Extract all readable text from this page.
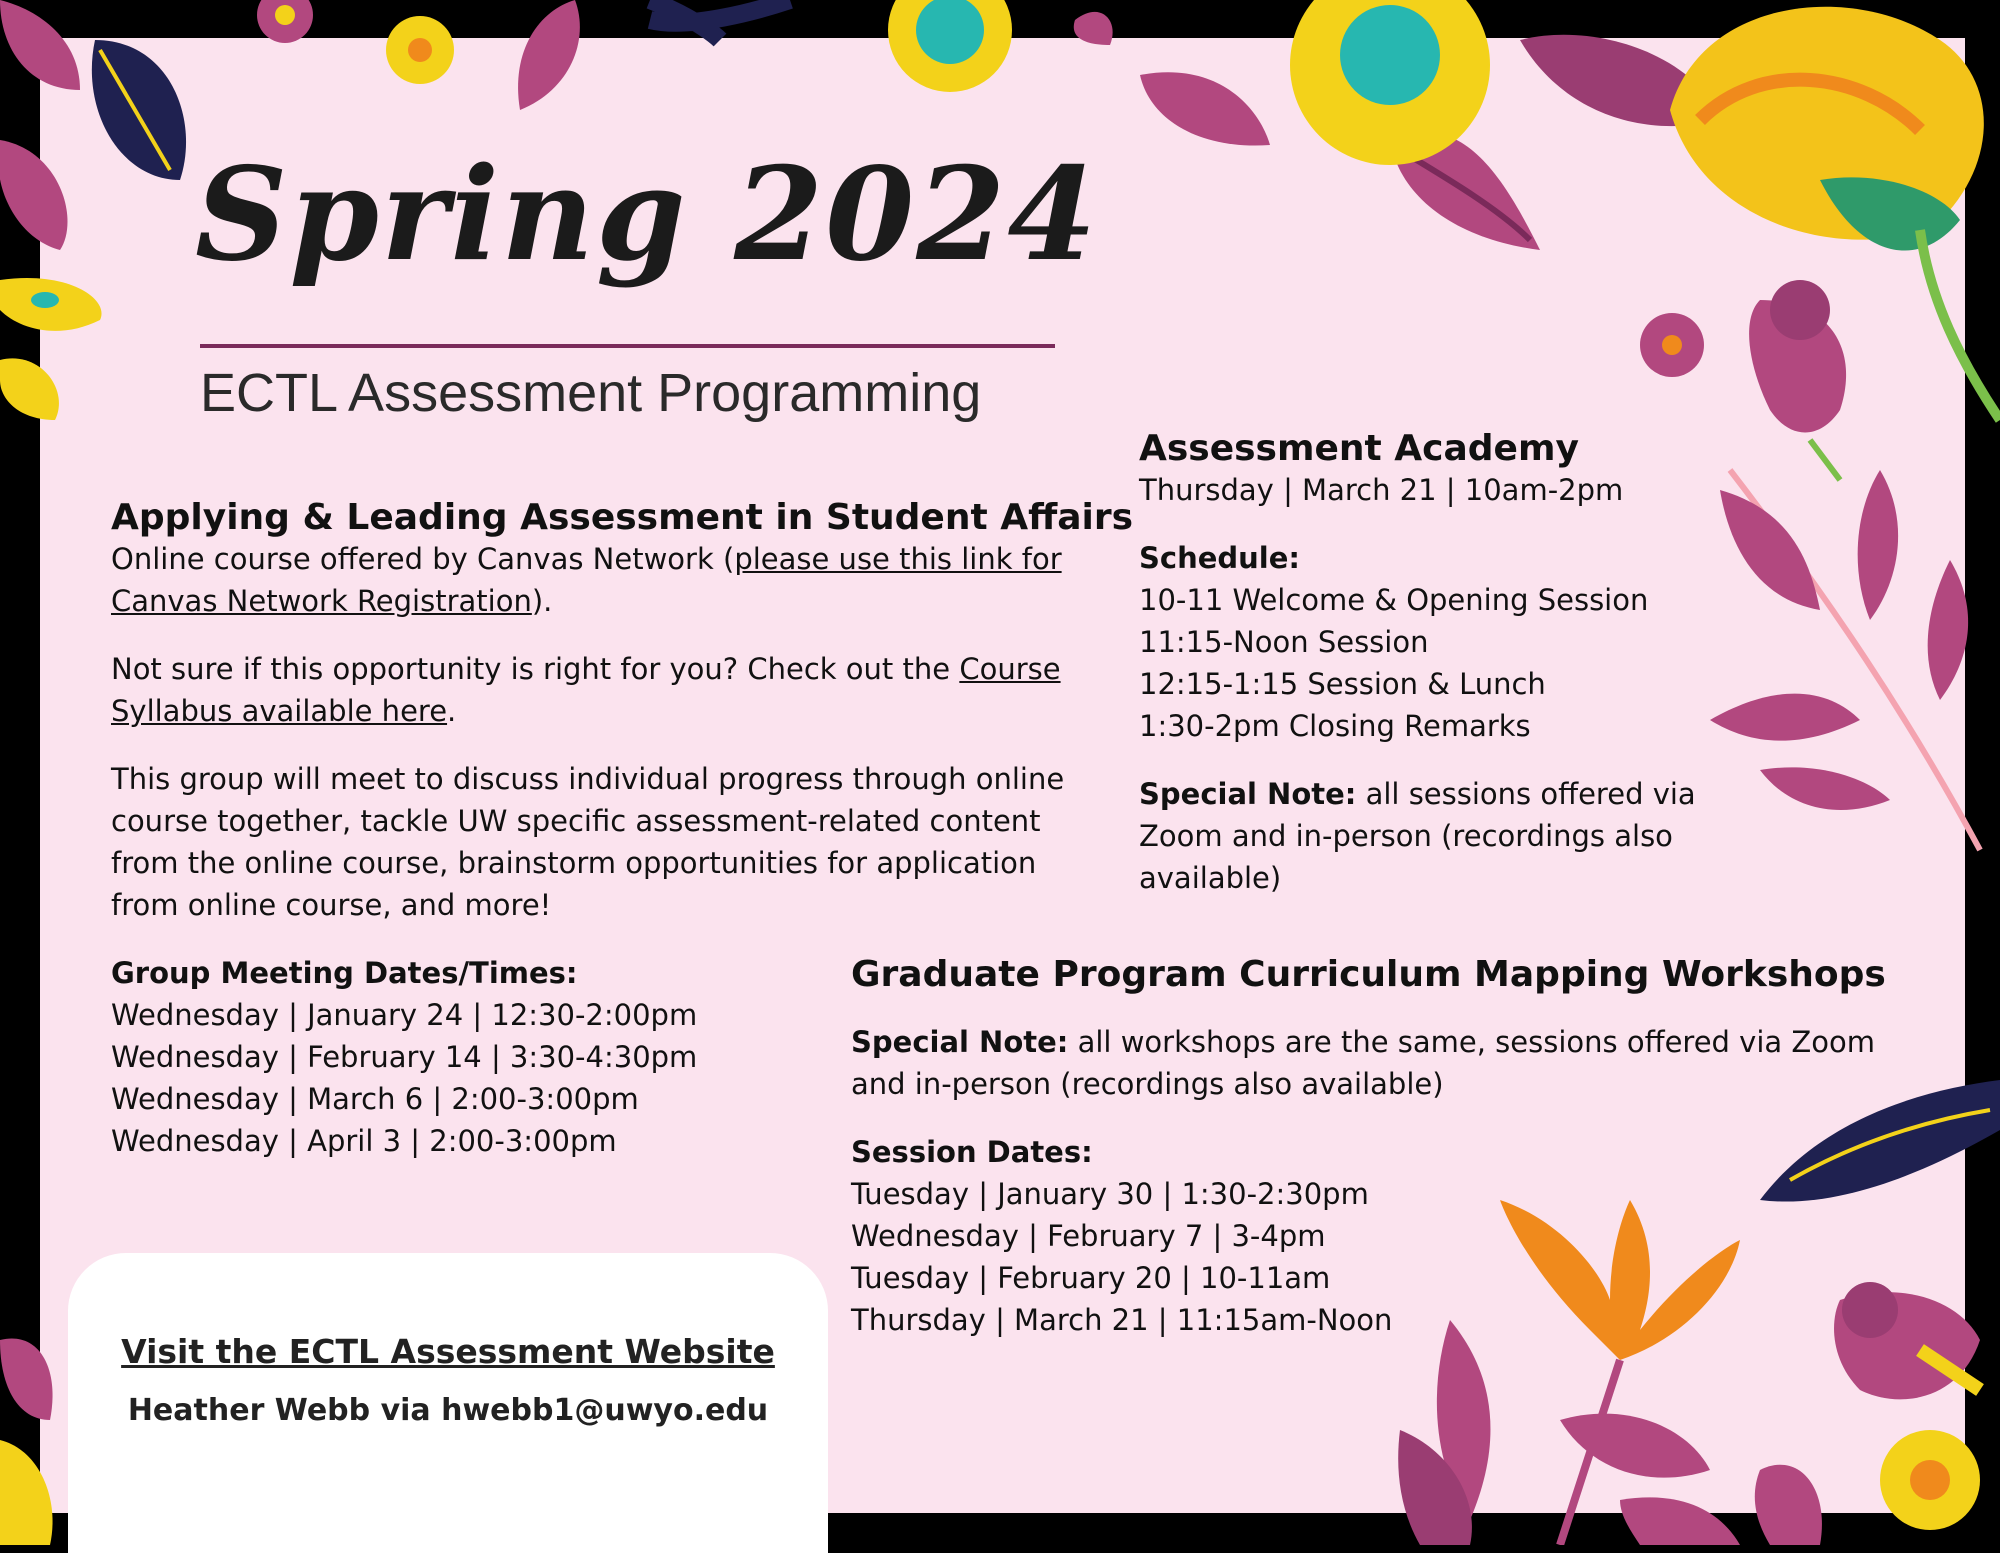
Spring 2024
ECTL Assessment Programming
Applying & Leading Assessment in Student Affairs

Online course offered by Canvas Network (please use this link for Canvas Network Registration).

Not sure if this opportunity is right for you? Check out the Course Syllabus available here.

This group will meet to discuss individual progress through online course together, tackle UW specific assessment-related content from the online course, brainstorm opportunities for application from online course, and more!

Group Meeting Dates/Times:

Wednesday | January 24 | 12:30-2:00pm

Wednesday | February 14 | 3:30-4:30pm

Wednesday | March 6 | 2:00-3:00pm

Wednesday | April 3 | 2:00-3:00pm

Assessment Academy

Thursday | March 21 | 10am-2pm

Schedule:

10-11 Welcome & Opening Session

11:15-Noon Session

12:15-1:15 Session & Lunch

1:30-2pm Closing Remarks

Special Note: all sessions offered via Zoom and in-person (recordings also available)

Graduate Program Curriculum Mapping Workshops

Special Note: all workshops are the same, sessions offered via Zoom and in-person (recordings also available)

Session Dates:

Tuesday | January 30 | 1:30-2:30pm

Wednesday | February 7 | 3-4pm

Tuesday | February 20 | 10-11am

Thursday | March 21 | 11:15am-Noon

Visit the ECTL Assessment Website
Heather Webb via hwebb1@uwyo.edu
